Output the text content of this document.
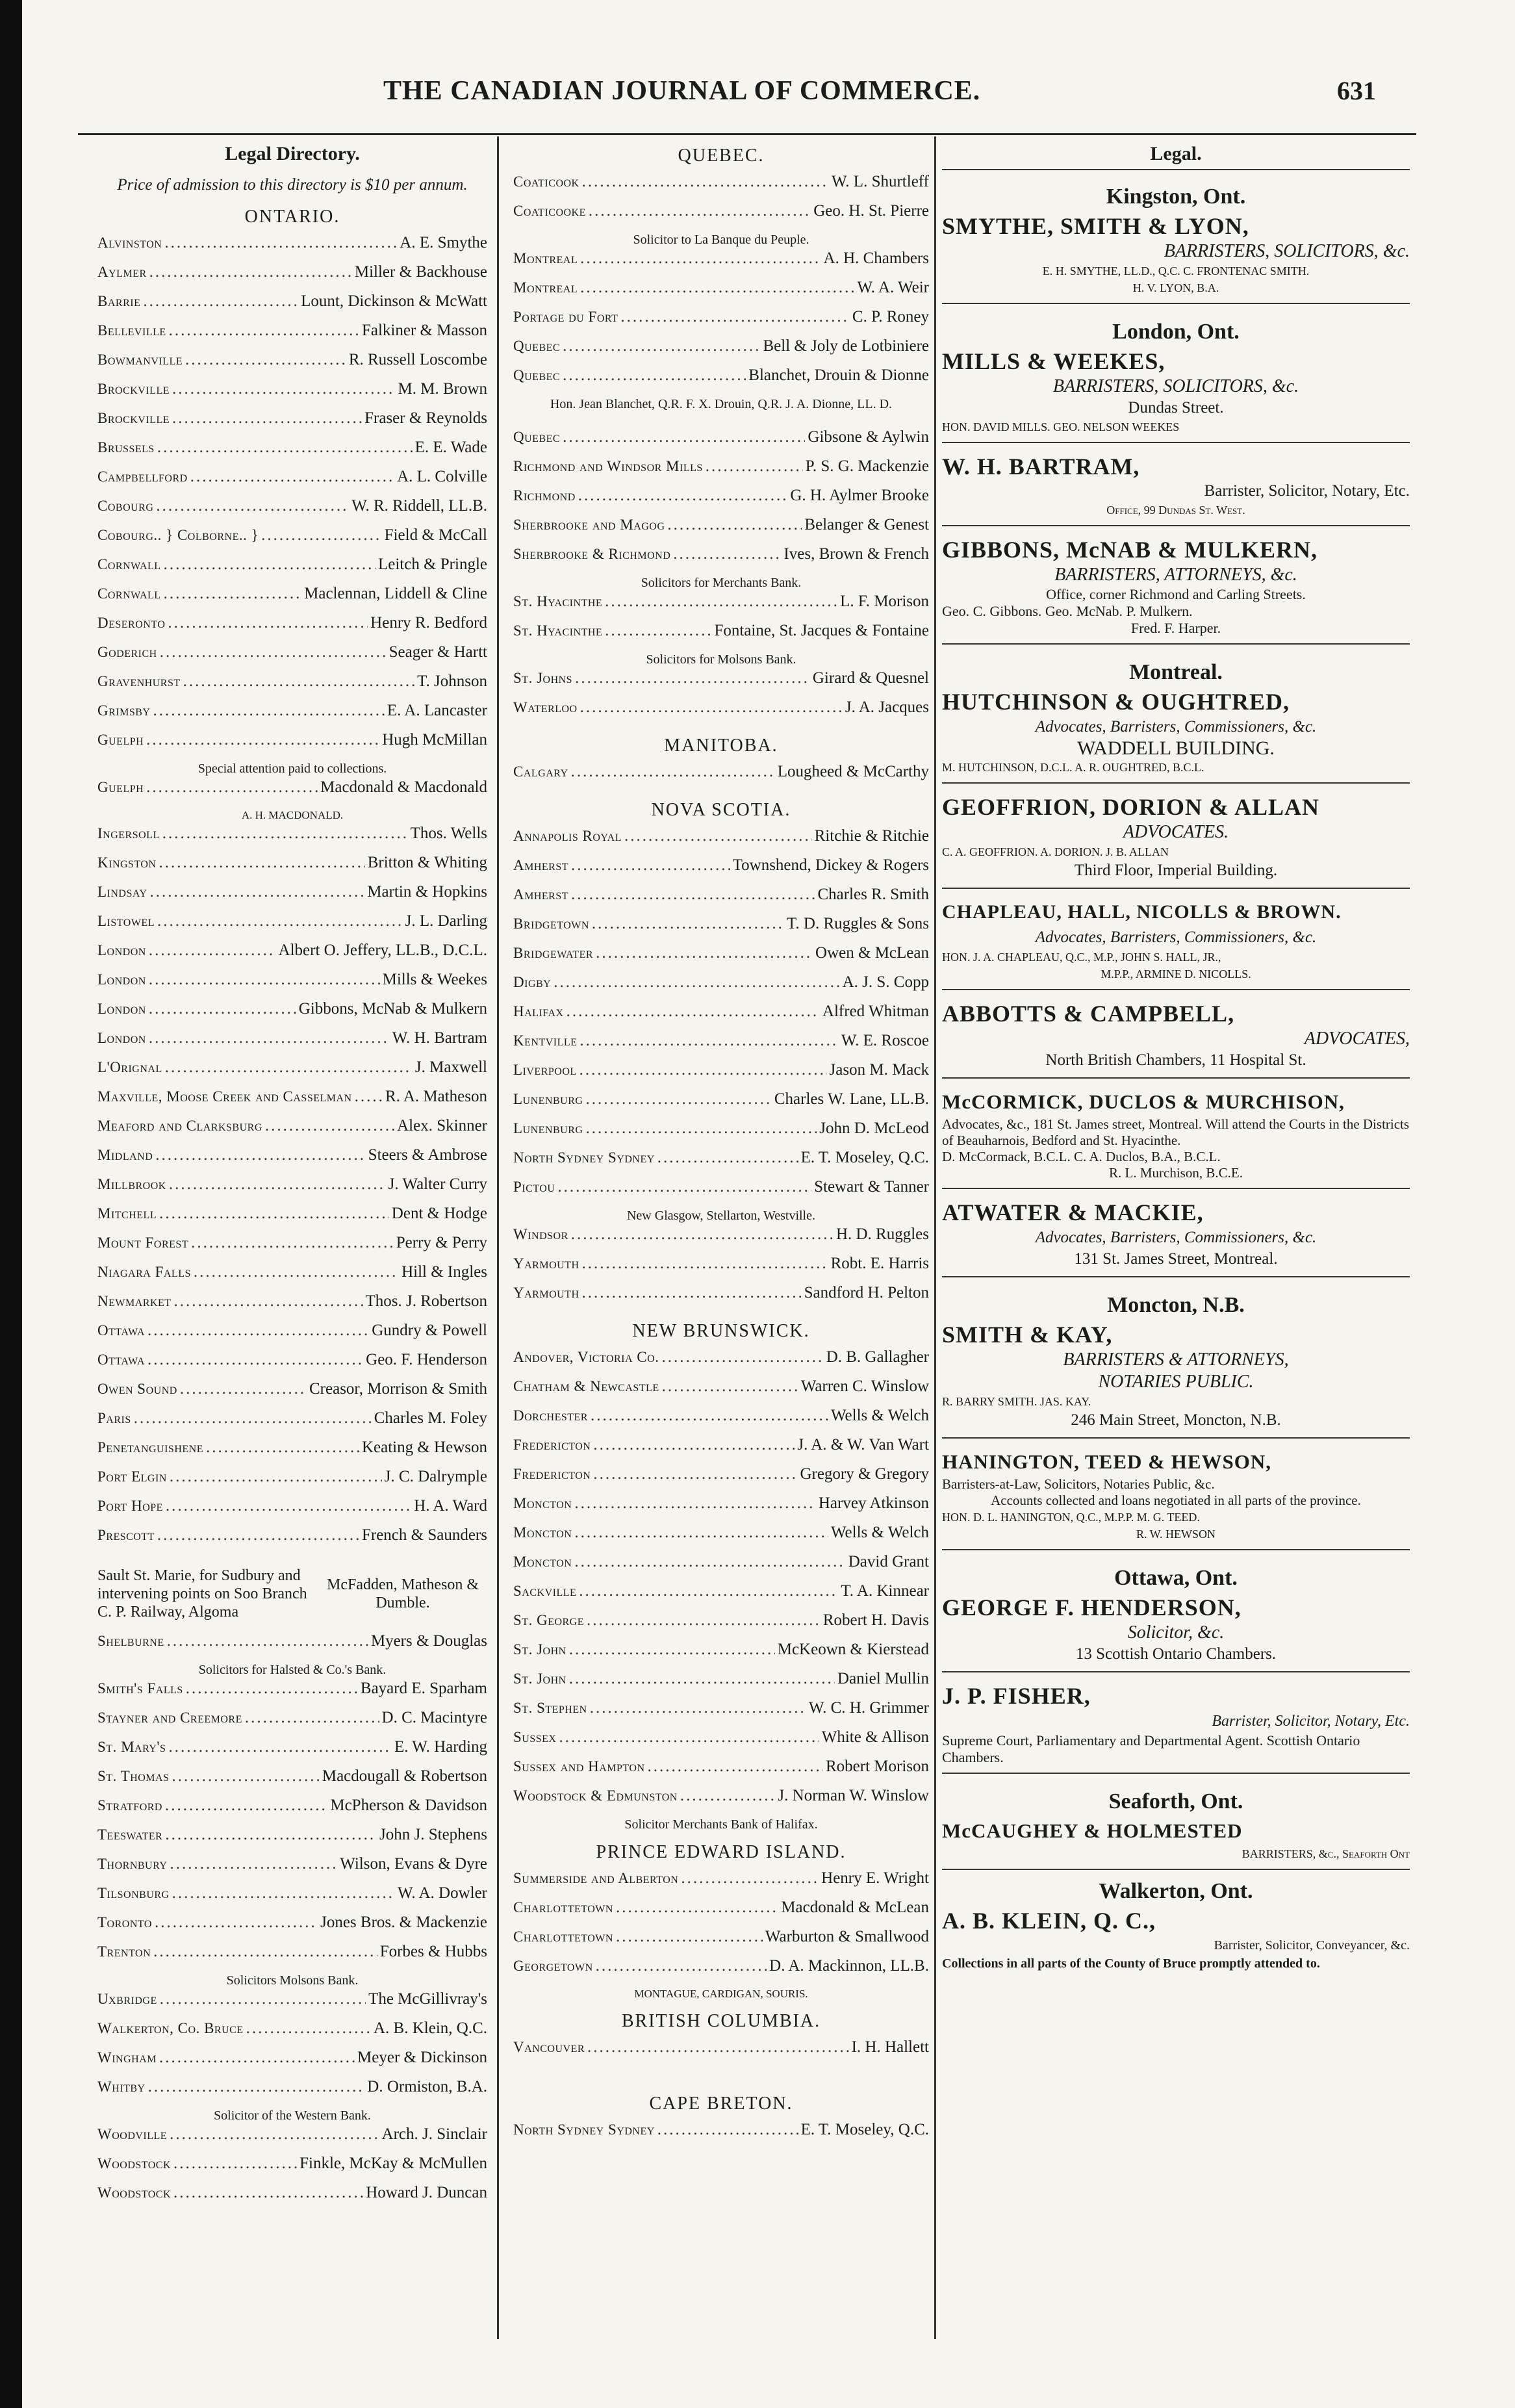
THE CANADIAN JOURNAL OF COMMERCE.	631
Legal Directory.
Price of admission to this directory is $10 per annum.
ONTARIO.
Alvinston .....	A. E. Smythe
Aylmer .....	Miller & Backhouse
Barrie .....	Lount, Dickinson & McWatt
Belleville .....	Falkiner & Masson
Bowmanville .....	R. Russell Loscombe
Brockville .....	M. M. Brown
Brockville .....	Fraser & Reynolds
Brussels .....	E. E. Wade
Campbellford .....	A. L. Colville
Cobourg .....	W. R. Riddell, LL.B.
Cobourg.. } Colborne.. } .....	Field & McCall
Cornwall .....	Leitch & Pringle
Cornwall .....	Maclennan, Liddell & Cline
Deseronto .....	Henry R. Bedford
Goderich .....	Seager & Hartt
Gravenhurst .....	T. Johnson
Grimsby .....	E. A. Lancaster
Guelph .....	Hugh McMillan
Special attention paid to collections.
Guelph .....	Macdonald & Macdonald
A. H. MACDONALD.
Ingersoll .....	Thos. Wells
Kingston .....	Britton & Whiting
Lindsay .....	Martin & Hopkins
Listowel .....	J. L. Darling
London .....	Albert O. Jeffery, LL.B., D.C.L.
London .....	Mills & Weekes
London .....	Gibbons, McNab & Mulkern
London .....	W. H. Bartram
L'Orignal .....	J. Maxwell
Maxville, Moose Creek and Casselman ..... R. A. Matheson
Meaford and Clarksburg .....	Alex. Skinner
Midland .....	Steers & Ambrose
Millbrook .....	J. Walter Curry
Mitchell .....	Dent & Hodge
Mount Forest .....	Perry & Perry
Niagara Falls .....	Hill & Ingles
Newmarket .....	Thos. J. Robertson
Ottawa .....	Gundry & Powell
Ottawa .....	Geo. F. Henderson
Owen Sound .....	Creasor, Morrison & Smith
Paris .....	Charles M. Foley
Penetanguishene .....	Keating & Hewson
Port Elgin .....	J. C. Dalrymple
Port Hope .....	H. A. Ward
Prescott .....	French & Saunders
Sault St. Marie, for Sudbury and intervening points on Soo Branch C. P. Railway, Algoma
McFadden, Matheson & Dumble.
Shelburne .....	Myers & Douglas
Solicitors for Halsted & Co.'s Bank.
Smith's Falls .....	Bayard E. Sparham
Stayner and Creemore .....	D. C. Macintyre
St. Mary's .....	E. W. Harding
St. Thomas .....	Macdougall & Robertson
Stratford .....	McPherson & Davidson
Teeswater .....	John J. Stephens
Thornbury .....	Wilson, Evans & Dyre
Tilsonburg .....	W. A. Dowler
Toronto .....	Jones Bros. & Mackenzie
Trenton .....	Forbes & Hubbs
Solicitors Molsons Bank.
Uxbridge .....	The McGillivray's
Walkerton, Co. Bruce .....	A. B. Klein, Q.C.
Wingham .....	Meyer & Dickinson
Whitby .....	D. Ormiston, B.A.
Solicitor of the Western Bank.
Woodville .....	Arch. J. Sinclair
Woodstock .....	Finkle, McKay & McMullen
Woodstock .....	Howard J. Duncan
QUEBEC.
Coaticook .....	W. L. Shurtleff
Coaticooke .....	Geo. H. St. Pierre
Solicitor to La Banque du Peuple.
Montreal .....	A. H. Chambers
Montreal .....	W. A. Weir
Portage du Fort .....	C. P. Roney
Quebec .....	Bell & Joly de Lotbiniere
Quebec .....	Blanchet, Drouin & Dionne
Hon. Jean Blanchet, Q.R. F. X. Drouin, Q.R. J. A. Dionne, LL. D.
Quebec .....	Gibsone & Aylwin
Richmond and Windsor Mills .....	P. S. G. Mackenzie
Richmond .....	G. H. Aylmer Brooke
Sherbrooke and Magog .....	Belanger & Genest
Sherbrooke & Richmond .....	Ives, Brown & French
Solicitors for Merchants Bank.
St. Hyacinthe .....	L. F. Morison
St. Hyacinthe .....	Fontaine, St. Jacques & Fontaine
Solicitors for Molsons Bank.
St. Johns .....	Girard & Quesnel
Waterloo .....	J. A. Jacques
MANITOBA.
Calgary .....	Lougheed & McCarthy
NOVA SCOTIA.
Annapolis Royal .....	Ritchie & Ritchie
Amherst .....	Townshend, Dickey & Rogers
Amherst .....	Charles R. Smith
Bridgetown .....	T. D. Ruggles & Sons
Bridgewater .....	Owen & McLean
Digby .....	A. J. S. Copp
Halifax .....	Alfred Whitman
Kentville .....	W. E. Roscoe
Liverpool .....	Jason M. Mack
Lunenburg .....	Charles W. Lane, LL.B.
Lunenburg .....	John D. McLeod
North Sydney Sydney .....	E. T. Moseley, Q.C.
Pictou .....	Stewart & Tanner
New Glasgow, Stellarton, Westville.
Windsor .....	H. D. Ruggles
Yarmouth .....	Robt. E. Harris
Yarmouth .....	Sandford H. Pelton
NEW BRUNSWICK.
Andover, Victoria Co. .....	D. B. Gallagher
Chatham & Newcastle .....	Warren C. Winslow
Dorchester .....	Wells & Welch
Fredericton .....	J. A. & W. Van Wart
Fredericton .....	Gregory & Gregory
Moncton .....	Harvey Atkinson
Moncton .....	Wells & Welch
Moncton .....	David Grant
Sackville .....	T. A. Kinnear
St. George .....	Robert H. Davis
St. John .....	McKeown & Kierstead
St. John .....	Daniel Mullin
St. Stephen .....	W. C. H. Grimmer
Sussex .....	White & Allison
Sussex and Hampton .....	Robert Morison
Woodstock & Edmunston .....	J. Norman W. Winslow
Solicitor Merchants Bank of Halifax.
PRINCE EDWARD ISLAND.
Summerside and Alberton .....	Henry E. Wright
Charlottetown .....	Macdonald & McLean
Charlottetown .....	Warburton & Smallwood
Georgetown .....	D. A. Mackinnon, LL.B.
MONTAGUE, CARDIGAN, SOURIS.
BRITISH COLUMBIA.
Vancouver .....	I. H. Hallett
CAPE BRETON.
North Sydney Sydney .....	E. T. Moseley, Q.C.
Legal.
Kingston, Ont.
SMYTHE, SMITH & LYON,
BARRISTERS, SOLICITORS, &c.
E. H. SMYTHE, LL.D., Q.C. C. FRONTENAC SMITH.
H. V. LYON, B.A.
London, Ont.
MILLS & WEEKES,
BARRISTERS, SOLICITORS, &c.
Dundas Street.
HON. DAVID MILLS. GEO. NELSON WEEKES
W. H. BARTRAM,
Barrister, Solicitor, Notary, Etc.
Office, 99 Dundas St. West.
GIBBONS, McNAB & MULKERN,
BARRISTERS, ATTORNEYS, &c.
Office, corner Richmond and Carling Streets.
Geo. C. Gibbons. Geo. McNab. P. Mulkern.
Fred. F. Harper.
Montreal.
HUTCHINSON & OUGHTRED,
Advocates, Barristers, Commissioners, &c.
WADDELL BUILDING.
M. HUTCHINSON, D.C.L. A. R. OUGHTRED, B.C.L.
GEOFFRION, DORION & ALLAN
ADVOCATES.
C. A. GEOFFRION. A. DORION. J. B. ALLAN
Third Floor, Imperial Building.
CHAPLEAU, HALL, NICOLLS & BROWN.
Advocates, Barristers, Commissioners, &c.
HON. J. A. CHAPLEAU, Q.C., M.P., JOHN S. HALL, JR.,
M.P.P., ARMINE D. NICOLLS.
ABBOTTS & CAMPBELL,
ADVOCATES,
North British Chambers, 11 Hospital St.
McCORMICK, DUCLOS & MURCHISON,
Advocates, &c., 181 St. James street, Montreal. Will attend the Courts in the Districts of Beauharnois, Bedford and St. Hyacinthe.
D. McCormack, B.C.L. C. A. Duclos, B.A., B.C.L.
R. L. Murchison, B.C.E.
ATWATER & MACKIE,
Advocates, Barristers, Commissioners, &c.
131 St. James Street, Montreal.
Moncton, N.B.
SMITH & KAY,
BARRISTERS & ATTORNEYS,
NOTARIES PUBLIC.
R. BARRY SMITH. JAS. KAY.
246 Main Street, Moncton, N.B.
HANINGTON, TEED & HEWSON,
Barristers-at-Law, Solicitors, Notaries Public, &c.
Accounts collected and loans negotiated in all parts of the province.
HON. D. L. HANINGTON, Q.C., M.P.P. M. G. TEED.
R. W. HEWSON
Ottawa, Ont.
GEORGE F. HENDERSON,
Solicitor, &c.
13 Scottish Ontario Chambers.
J. P. FISHER,
Barrister, Solicitor, Notary, Etc.
Supreme Court, Parliamentary and Departmental Agent. Scottish Ontario Chambers.
Seaforth, Ont.
McCAUGHEY & HOLMESTED
BARRISTERS, &c., Seaforth Ont
Walkerton, Ont.
A. B. KLEIN, Q. C.,
Barrister, Solicitor, Conveyancer, &c.
Collections in all parts of the County of Bruce promptly attended to.
